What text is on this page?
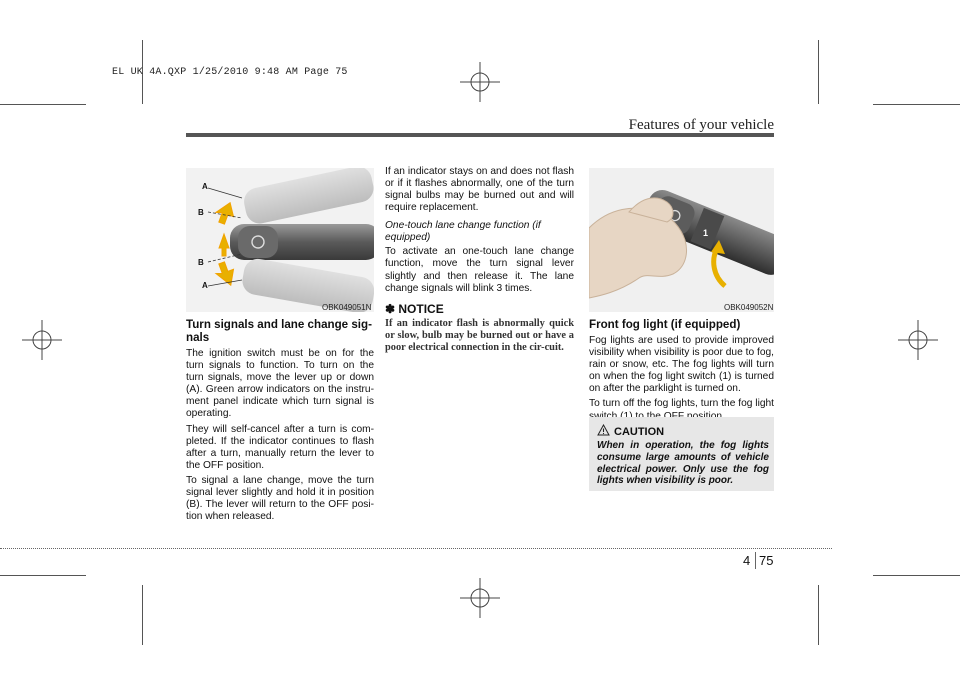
EL UK 4A.QXP 1/25/2010 9:48 AM Page 75
Features of your vehicle
A
B
B
A
OBK049051N
Turn signals and lane change sig-nals

The ignition switch must be on for the turn signals to function. To turn on the turn signals, move the lever up or down (A). Green arrow indicators on the instru-ment panel indicate which turn signal is operating.

They will self-cancel after a turn is com-pleted. If the indicator continues to flash after a turn, manually return the lever to the OFF position.

To signal a lane change, move the turn signal lever slightly and hold it in position (B). The lever will return to the OFF posi-tion when released.

If an indicator stays on and does not flash or if it flashes abnormally, one of the turn signal bulbs may be burned out and will require replacement.

One-touch lane change function (if equipped)

To activate an one-touch lane change function, move the turn signal lever slightly and then release it. The lane change signals will blink 3 times.

✽ NOTICE
If an indicator flash is abnormally quick or slow, bulb may be burned out or have a poor electrical connection in the cir-cuit.
1
OBK049052N
Front fog light (if equipped)

Fog lights are used to provide improved visibility when visibility is poor due to fog, rain or snow, etc. The fog lights will turn on when the fog light switch (1) is turned on after the parklight is turned on.

To turn off the fog lights, turn the fog light

CAUTION
When in operation, the fog lights consume large amounts of vehicle electrical power. Only use the fog lights when visibility is poor.
4 75
